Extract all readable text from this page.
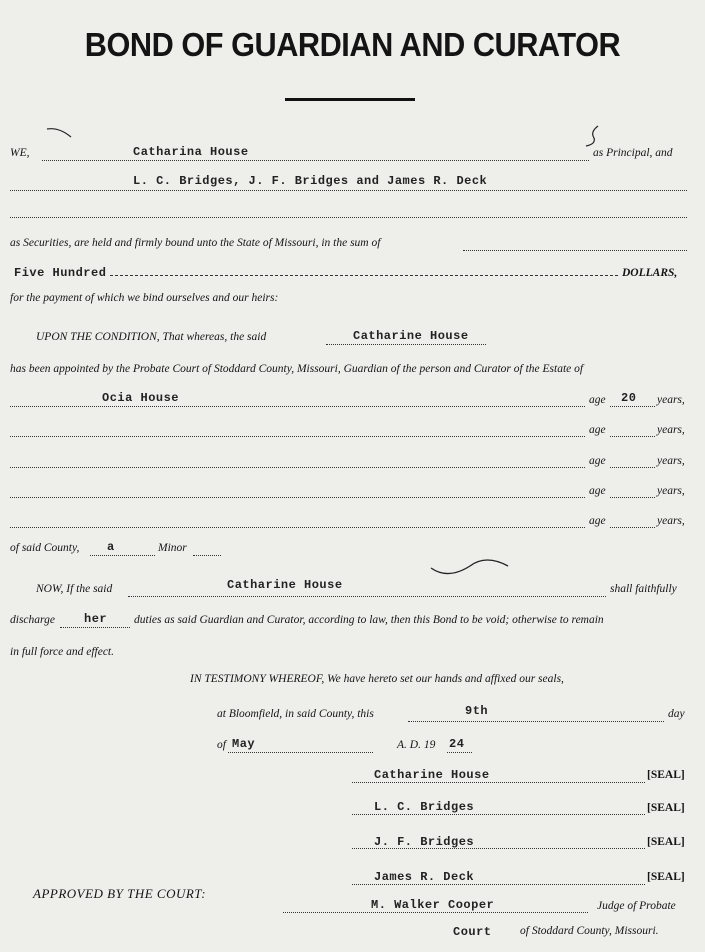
BOND OF GUARDIAN AND CURATOR
WE,	Catharina House	as Principal, and
L. C. Bridges, J. F. Bridges and James R. Deck
as Securities, are held and firmly bound unto the State of Missouri, in the sum of
Five Hundred	DOLLARS,
for the payment of which we bind ourselves and our heirs:
UPON THE CONDITION, That whereas, the said	Catharine House
has been appointed by the Probate Court of Stoddard County, Missouri, Guardian of the person and Curator of the Estate of
Ocia House	age 20 years,
age	years,
age	years,
age	years,
age	years,
of said County, a	Minor
NOW, If the said	Catharine House	shall faithfully
discharge her duties as said Guardian and Curator, according to law, then this Bond to be void; otherwise to remain
in full force and effect.
IN TESTIMONY WHEREOF, We have hereto set our hands and affixed our seals,
at Bloomfield, in said County, this	9th	day
of May	A. D. 19 24
Catharine House	[SEAL]
L. C. Bridges	[SEAL]
J. F. Bridges	[SEAL]
James R. Deck	[SEAL]
APPROVED BY THE COURT:
M. Walker Cooper	Judge of Probate
Court of Stoddard County, Missouri.
